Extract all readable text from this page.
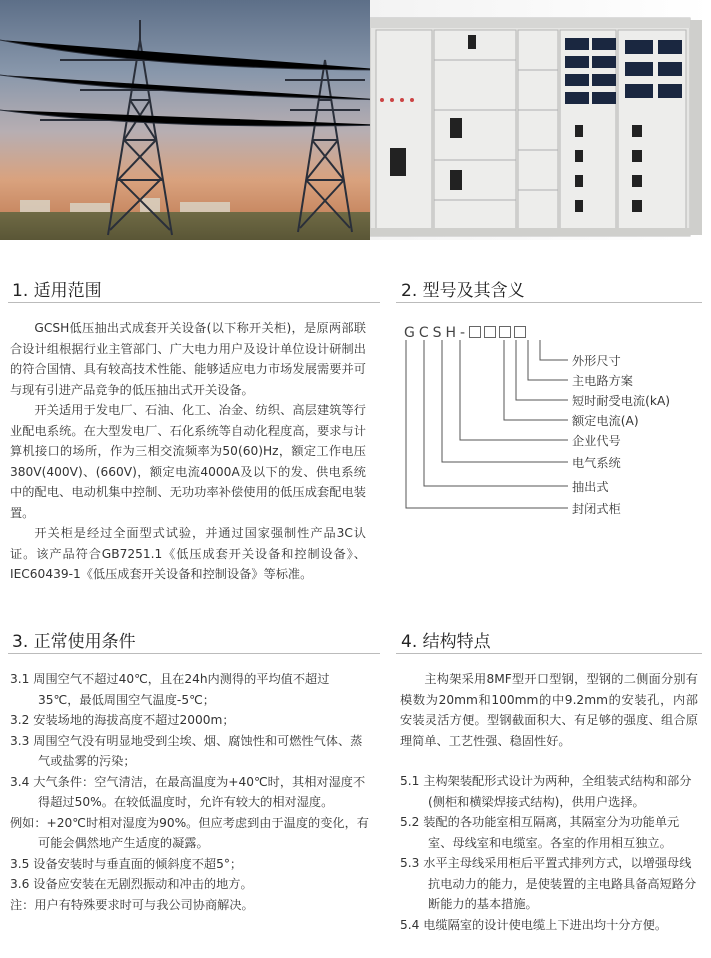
1. 适用范围

GCSH低压抽出式成套开关设备(以下称开关柜)，是原两部联合设计组根据行业主管部门、广大电力用户及设计单位设计研制出的符合国情、具有较高技术性能、能够适应电力市场发展需要并可与现有引进产品竞争的低压抽出式开关设备。

开关适用于发电厂、石油、化工、冶金、纺织、高层建筑等行业配电系统。在大型发电厂、石化系统等自动化程度高，要求与计算机接口的场所，作为三相交流频率为50(60)Hz，额定工作电压380V(400V)、(660V)，额定电流4000A及以下的发、供电系统中的配电、电动机集中控制、无功功率补偿使用的低压成套配电装置。

开关柜是经过全面型式试验，并通过国家强制性产品3C认证。该产品符合GB7251.1《低压成套开关设备和控制设备》、IEC60439-1《低压成套开关设备和控制设备》等标准。

2. 型号及其含义
GCSH-
外形尺寸
主电路方案
短时耐受电流(kA)
额定电流(A)
企业代号
电气系统
抽出式
封闭式柜
3. 正常使用条件

3.1 周围空气不超过40℃，且在24h内测得的平均值不超过35℃，最低周围空气温度-5℃；

3.2 安装场地的海拔高度不超过2000m；

3.3 周围空气没有明显地受到尘埃、烟、腐蚀性和可燃性气体、蒸气或盐雾的污染；

3.4 大气条件：空气清洁，在最高温度为+40℃时，其相对湿度不得超过50%。在较低温度时，允许有较大的相对湿度。

例如：+20℃时相对湿度为90%。但应考虑到由于温度的变化，有可能会偶然地产生适度的凝露。

3.5 设备安装时与垂直面的倾斜度不超5°；

3.6 设备应安装在无剧烈振动和冲击的地方。

注：用户有特殊要求时可与我公司协商解决。

4. 结构特点

主构架采用8MF型开口型钢，型钢的二侧面分别有模数为20mm和100mm的中9.2mm的安装孔，内部安装灵活方便。型钢截面积大、有足够的强度、组合原理简单、工艺性强、稳固性好。

5.1 主构架装配形式设计为两种，全组装式结构和部分(侧柜和横梁焊接式结构)，供用户选择。

5.2 装配的各功能室相互隔离，其隔室分为功能单元室、母线室和电缆室。各室的作用相互独立。

5.3 水平主母线采用柜后平置式排列方式，以增强母线抗电动力的能力，是使装置的主电路具备高短路分断能力的基本措施。

5.4 电缆隔室的设计使电缆上下进出均十分方便。
